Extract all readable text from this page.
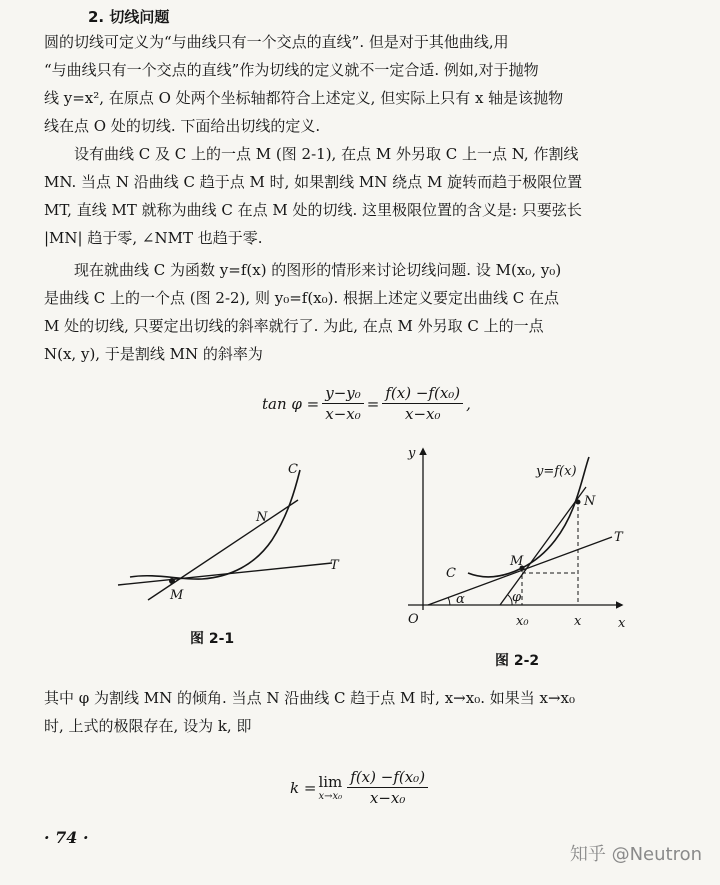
2. 切线问题
圆的切线可定义为“与曲线只有一个交点的直线”. 但是对于其他曲线,用
“与曲线只有一个交点的直线”作为切线的定义就不一定合适. 例如,对于抛物
线 y=x², 在原点 O 处两个坐标轴都符合上述定义, 但实际上只有 x 轴是该抛物
线在点 O 处的切线. 下面给出切线的定义.
设有曲线 C 及 C 上的一点 M (图 2-1), 在点 M 外另取 C 上一点 N, 作割线
MN. 当点 N 沿曲线 C 趋于点 M 时, 如果割线 MN 绕点 M 旋转而趋于极限位置
MT, 直线 MT 就称为曲线 C 在点 M 处的切线. 这里极限位置的含义是: 只要弦长
|MN| 趋于零, ∠NMT 也趋于零.
现在就曲线 C 为函数 y=f(x) 的图形的情形来讨论切线问题. 设 M(x₀, y₀)
是曲线 C 上的一个点 (图 2-2), 则 y₀=f(x₀). 根据上述定义要定出曲线 C 在点
M 处的切线, 只要定出切线的斜率就行了. 为此, 在点 M 外另取 C 上的一点
N(x, y), 于是割线 MN 的斜率为
$\tan \varphi = \frac{\text{y−y₀}}{\text{x−x₀}} = \frac{\text{f(x) −f(x₀)}}{\text{x−x₀}}$ ,
C
N
M
T
图 2-1
y
x
O
y=f(x)
N
T
M
C
α	φ
x₀	x
图 2-2
其中 φ 为割线 MN 的倾角. 当点 N 沿曲线 C 趋于点 M 时, x→x₀. 如果当 x→x₀
时, 上式的极限存在, 设为 k, 即
k = lim
$x\to x_0 \frac{\text{f(x) −f(x₀)}}{\text{x−x₀}}$
· 74 ·
知乎 @Neutron
